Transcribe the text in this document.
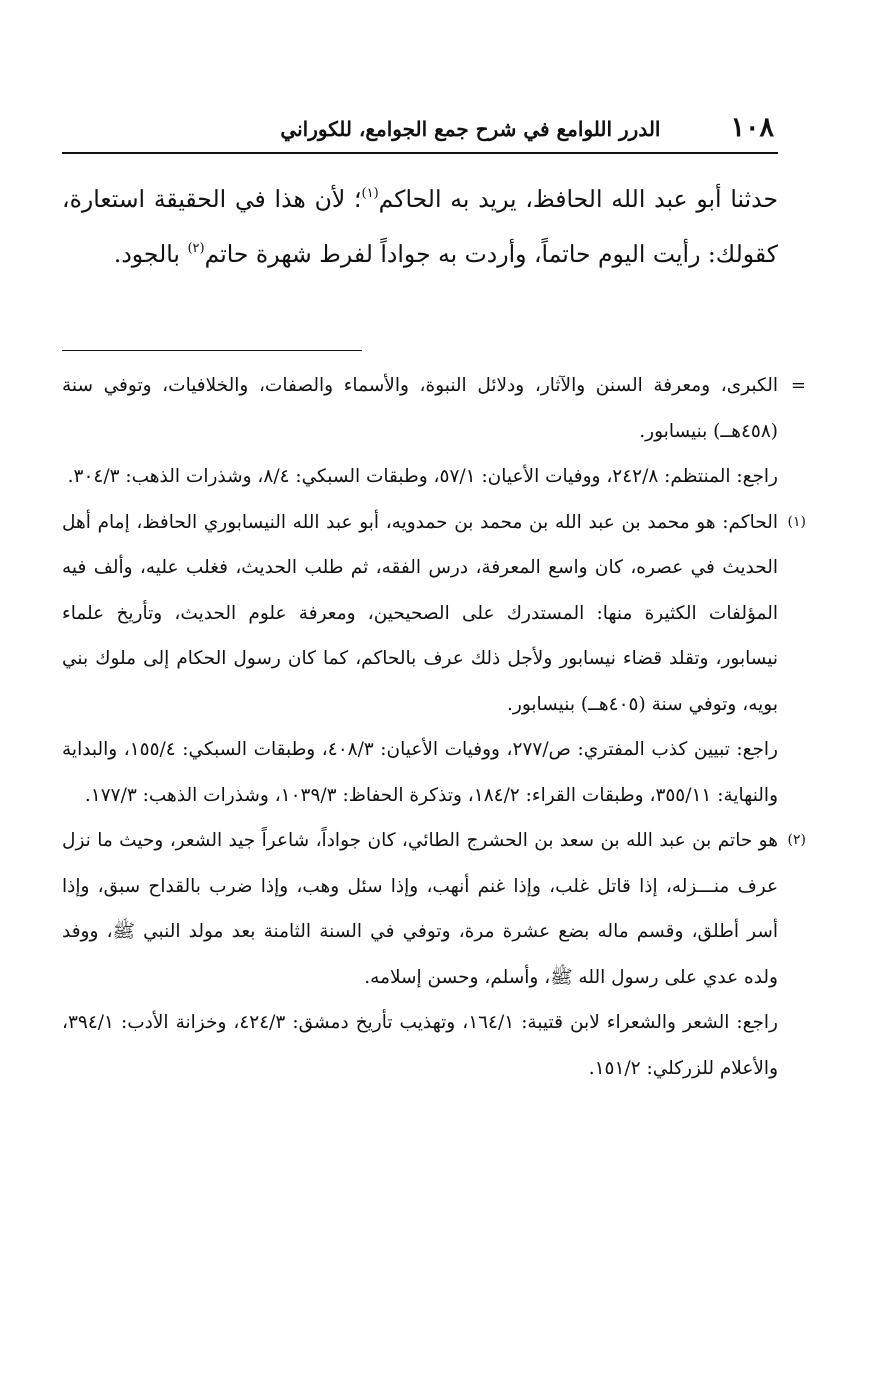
١٠٨
الدرر اللوامع في شرح جمع الجوامع، للكوراني

حدثنا أبو عبد الله الحافظ، يريد به الحاكم$^{(١)}$؛ لأن هذا في الحقيقة استعارة، كقولك: رأيت اليوم حاتماً، وأردت به جواداً لفرط شهرة حاتم$^{(٢)}$ بالجود.

=
الكبرى، ومعرفة السنن والآثار، ودلائل النبوة، والأسماء والصفات، والخلافيات، وتوفي سنة (٤٥٨هــ) بنيسابور.

راجع: المنتظم: ٢٤٢/٨، ووفيات الأعيان: ٥٧/١، وطبقات السبكي: ٨/٤، وشذرات الذهب: ٣٠٤/٣.

(١)
الحاكم: هو محمد بن عبد الله بن محمد بن حمدويه، أبو عبد الله النيسابوري الحافظ، إمام أهل الحديث في عصره، كان واسع المعرفة، درس الفقه، ثم طلب الحديث، فغلب عليه، وألف فيه المؤلفات الكثيرة منها: المستدرك على الصحيحين، ومعرفة علوم الحديث، وتأريخ علماء نيسابور، وتقلد قضاء نيسابور ولأجل ذلك عرف بالحاكم، كما كان رسول الحكام إلى ملوك بني بويه، وتوفي سنة (٤٠٥هــ) بنيسابور.

راجع: تبيين كذب المفتري: ص/٢٧٧، ووفيات الأعيان: ٤٠٨/٣، وطبقات السبكي: ١٥٥/٤، والبداية والنهاية: ٣٥٥/١١، وطبقات القراء: ١٨٤/٢، وتذكرة الحفاظ: ١٠٣٩/٣، وشذرات الذهب: ١٧٧/٣.

(٢)
هو حاتم بن عبد الله بن سعد بن الحشرج الطائي، كان جواداً، شاعراً جيد الشعر، وحيث ما نزل عرف منـــزله، إذا قاتل غلب، وإذا غنم أنهب، وإذا سئل وهب، وإذا ضرب بالقداح سبق، وإذا أسر أطلق، وقسم ماله بضع عشرة مرة، وتوفي في السنة الثامنة بعد مولد النبي ﷺ، ووفد ولده عدي على رسول الله ﷺ، وأسلم، وحسن إسلامه.

راجع: الشعر والشعراء لابن قتيبة: ١٦٤/١، وتهذيب تأريخ دمشق: ٤٢٤/٣، وخزانة الأدب: ٣٩٤/١، والأعلام للزركلي: ١٥١/٢.
